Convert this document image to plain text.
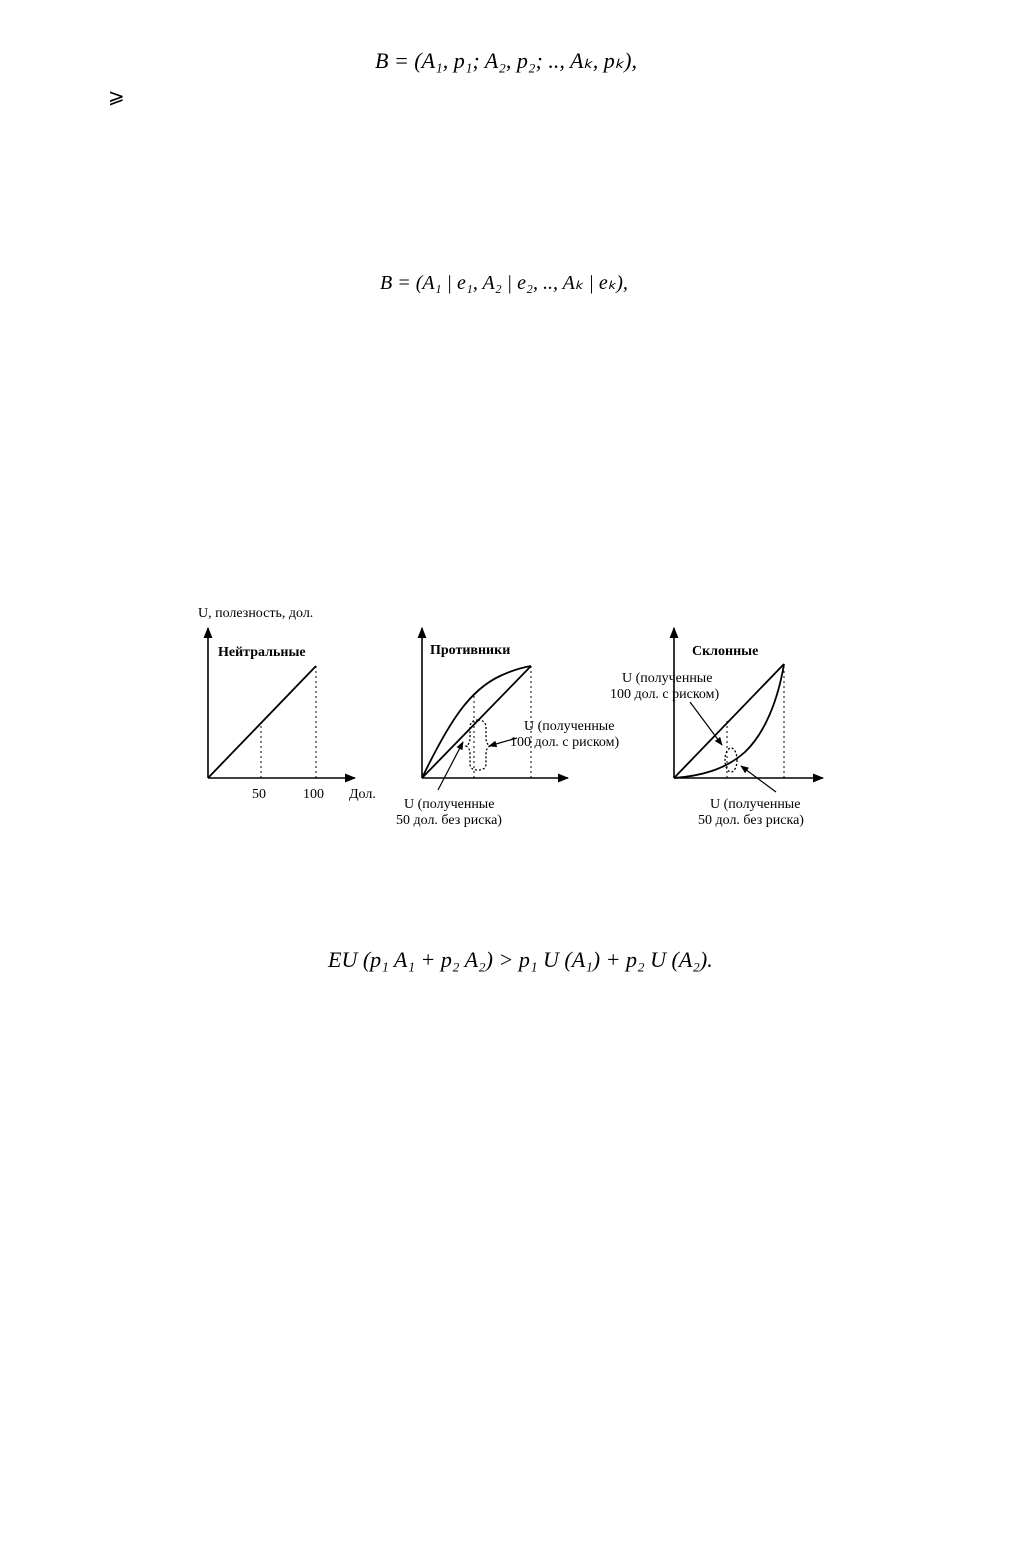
B = (A₁, p₁; A₂, p₂; .., Aₖ, pₖ),
⩾
B = (A₁ | e₁, A₂ | e₂, .., Aₖ | eₖ),
U, полезность, дол.
Нейтральные
50	100 Дол.
Противники
U (полученные
100 дол. с риском)
U (полученные
50 дол. без риска)
Склонные
U (полученные
100 дол. с риском)
U (полученные
50 дол. без риска)
EU (p₁ A₁ + p₂ A₂) > p₁ U (A₁) + p₂ U (A₂).
